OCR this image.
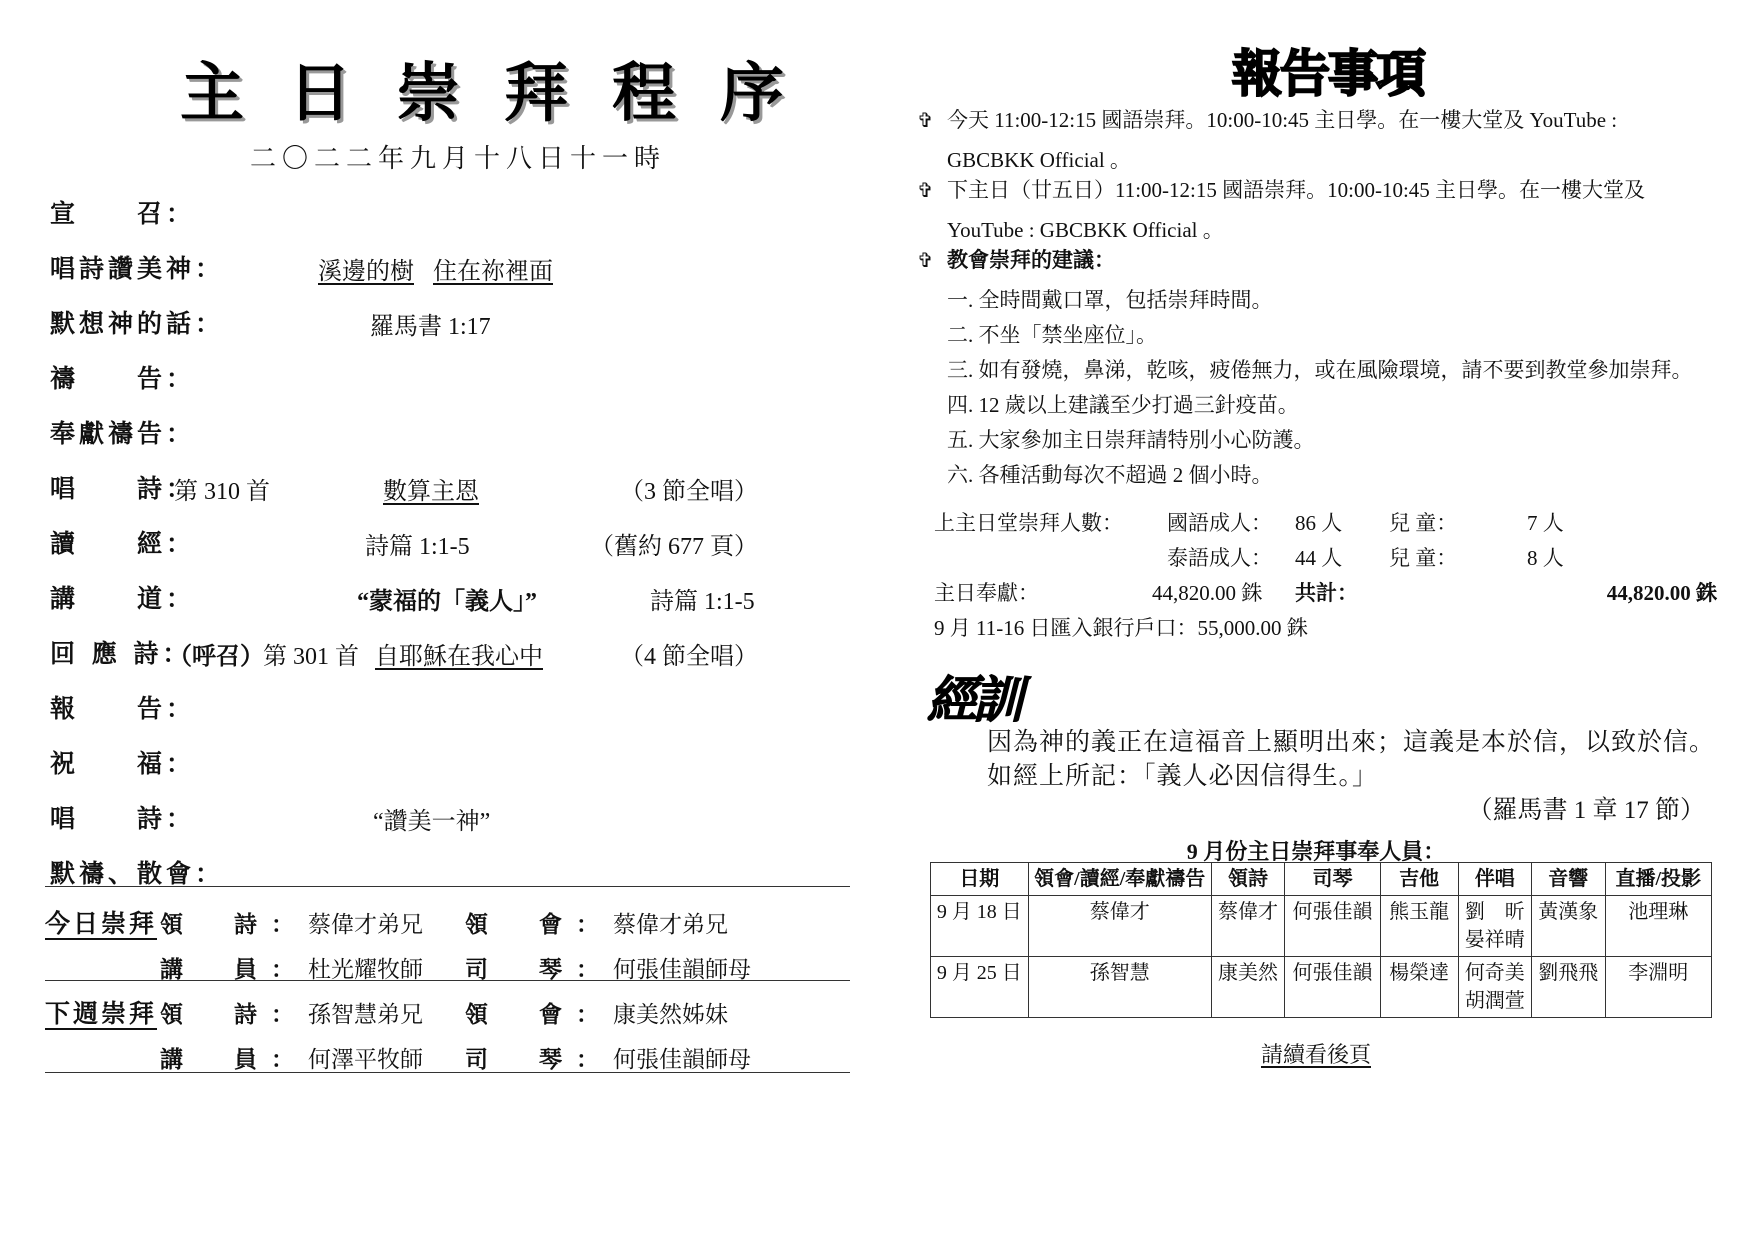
主日崇拜程序
二〇二二年九月十八日十一時
宣　　召：
唱詩讚美神：	溪邊的樹 住在祢裡面
默想神的話：	羅馬書 1:17
禱　　告：
奉獻禱告：
唱　　詩：
第 310 首	數算主恩	（3 節全唱）
讀　　經：	詩篇 1:1-5	（舊約 677 頁）
講　　道：	“蒙福的「義人」”	詩篇 1:1-5
回 應 詩：
（呼召） 第 301 首 自耶穌在我心中	（4 節全唱）
報　　告：
祝　　福：
唱　　詩：	“讚美一神”
默禱、散會：
今日崇拜 領　詩：蔡偉才弟兄 領　會：蔡偉才弟兄
講　員：杜光耀牧師 司　琴：何張佳韻師母
下週崇拜 領　詩：孫智慧弟兄 領　會：康美然姊妹
講　員：何澤平牧師 司　琴：何張佳韻師母
報告事項
✞ 今天 11:00-12:15 國語崇拜。10:00-10:45 主日學。在一樓大堂及 YouTube :
GBCBKK Official 。
✞ 下主日（廿五日）11:00-12:15 國語崇拜。10:00-10:45 主日學。在一樓大堂及
YouTube : GBCBKK Official 。
✞ 教會崇拜的建議：
一. 全時間戴口罩，包括崇拜時間。
二. 不坐「禁坐座位」。
三. 如有發燒，鼻涕，乾咳，疲倦無力，或在風險環境，請不要到教堂參加崇拜。
四. 12 歲以上建議至少打過三針疫苗。
五. 大家參加主日崇拜請特別小心防護。
六. 各種活動每次不超過 2 個小時。
上主日堂崇拜人數： 國語成人： 86 人 兒 童：	7 人
泰語成人： 44 人 兒 童：	8 人
主日奉獻：	44,820.00 銖 共計：	44,820.00 銖
9 月 11-16 日匯入銀行戶口：55,000.00 銖
經訓
因為神的義正在這福音上顯明出來；這義是本於信，以致於信。
如經上所記：「義人必因信得生。」
（羅馬書 1 章 17 節）
9 月份主日崇拜事奉人員：
日期	領會/讀經/奉獻禱告	領詩	司琴	吉他	伴唱	音響	直播/投影
9 月 18 日	蔡偉才	蔡偉才	何張佳韻	熊玉龍	劉　昕
晏祥晴	黃漢象	池理琳
9 月 25 日	孫智慧	康美然	何張佳韻	楊榮達	何奇美
胡潤萱	劉飛飛	李淵明
請續看後頁
